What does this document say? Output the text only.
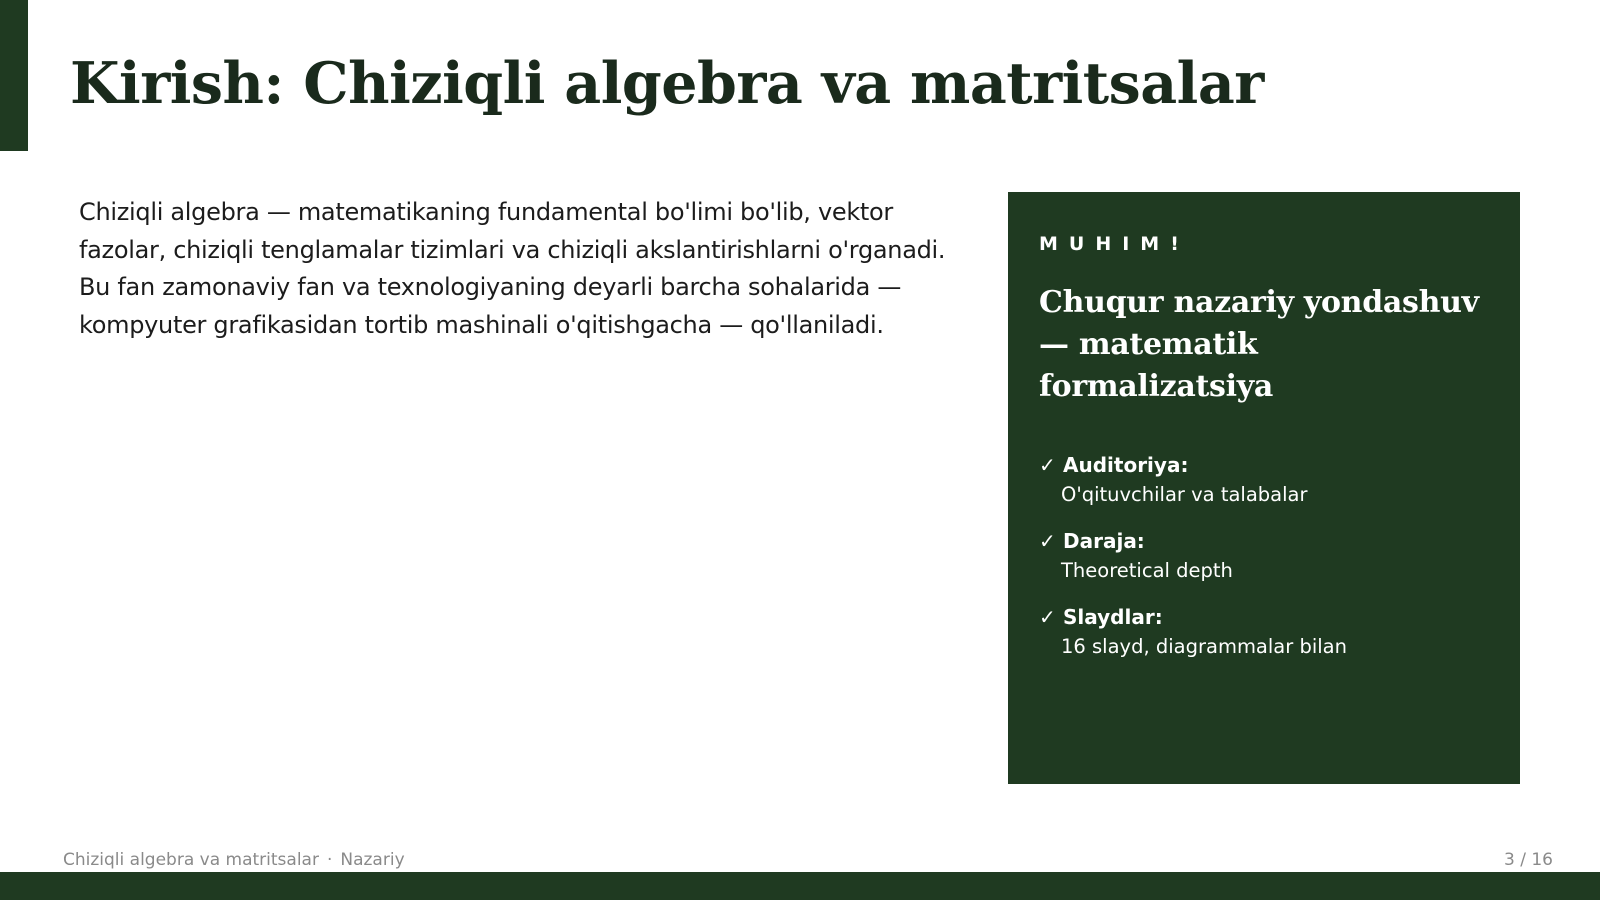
Kirish: Chiziqli algebra va matritsalar

Chiziqli algebra — matematikaning fundamental bo'limi bo'lib, vektor fazolar, chiziqli tenglamalar tizimlari va chiziqli akslantirishlarni o'rganadi. Bu fan zamonaviy fan va texnologiyaning deyarli barcha sohalarida — kompyuter grafikasidan tortib mashinali o'qitishgacha — qo'llaniladi.

MUHIM!

Chuqur nazariy yondashuv — matematik formalizatsiya
✓ Auditoriya:
O'qituvchilar va talabalar
✓ Daraja:
Theoretical depth
✓ Slaydlar:
16 slayd, diagrammalar bilan
Chiziqli algebra va matritsalar · Nazariy	3 / 16
